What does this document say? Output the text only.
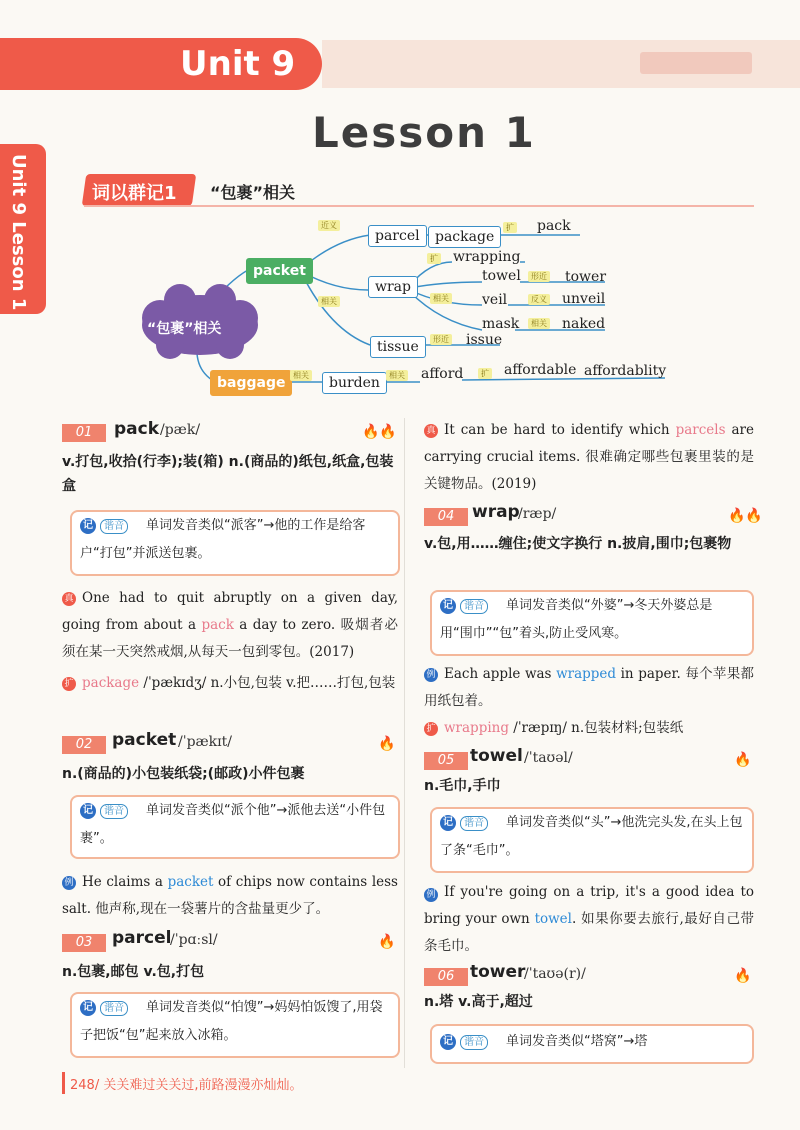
Unit 9
Lesson 1
Unit 9 Lesson 1	词以群记1 “包裹”相关
“包裹”相关
packet
baggage
parcel	package
pack
wrap
wrapping
towel	tower
veil	unveil
mask	naked
tissue	issue
burden
afford	affordable affordablity
近义	扩
扩
相关
形近
相关	反义
相关
形近
相关	相关	扩
01	pack /pæk/	🔥🔥
v.打包,收拾(行李);装(箱) n.(商品的)纸包,纸盒,包装盒
记	谐音	单词发音类似“派客”→他的工作是给客户“打包”并派送包裹。
真 One had to quit abruptly on a given day, going from about a pack a day to zero. 吸烟者必须在某一天突然戒烟,从每天一包到零包。(2017)
扩 package /ˈpækɪdʒ/ n.小包,包装 v.把……打包,包装
02	packet /ˈpækɪt/	🔥
n.(商品的)小包装纸袋;(邮政)小件包裹
记	谐音	单词发音类似“派个他”→派他去送“小件包裹”。
例 He claims a packet of chips now contains less salt. 他声称,现在一袋薯片的含盐量更少了。
03	parcel
/ˈpɑːsl/	🔥
n.包裹,邮包 v.包,打包
记	谐音	单词发音类似“怕馊”→妈妈怕饭馊了,用袋子把饭“包”起来放入冰箱。
真 It can be hard to identify which parcels are carrying crucial items. 很难确定哪些包裹里装的是关键物品。(2019)
04	wrap
/ræp/	🔥🔥
v.包,用……缠住;使文字换行 n.披肩,围巾;包裹物
记	谐音	单词发音类似“外婆”→冬天外婆总是用“围巾”“包”着头,防止受风寒。
例 Each apple was wrapped in paper. 每个苹果都用纸包着。
扩 wrapping /ˈræpɪŋ/ n.包装材料;包装纸
05 towel /ˈtaʊəl/	🔥
n.毛巾,手巾
记	谐音	单词发音类似“头”→他洗完头发,在头上包了条“毛巾”。
例 If you're going on a trip, it's a good idea to bring your own towel. 如果你要去旅行,最好自己带条毛巾。
06 tower
/ˈtaʊə(r)/	🔥
n.塔 v.高于,超过
记	谐音	单词发音类似“塔窝”→塔
248/ 关关难过关关过,前路漫漫亦灿灿。
